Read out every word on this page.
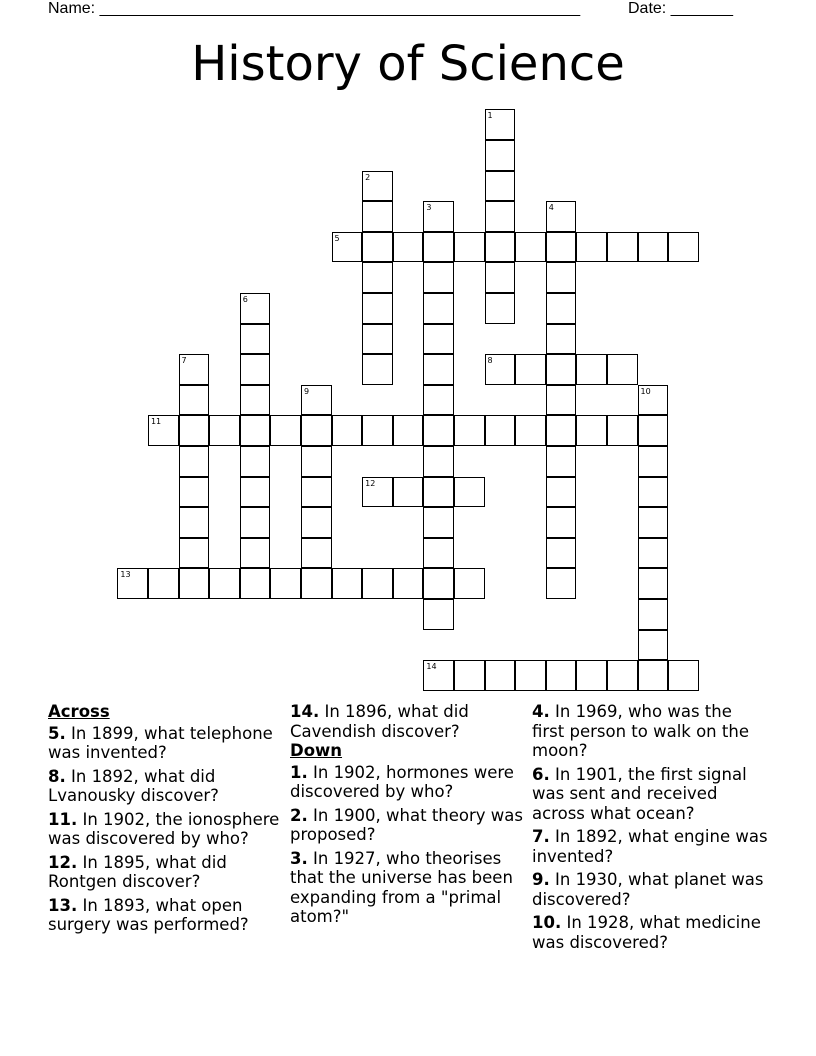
Name: ______________________________________________________	Date: _______
History of Science
1
2
3	4
5
6
7	8
9	10
11
12
13
14
Across
5. In 1899, what telephone was invented?
8. In 1892, what did Lvanousky discover?
11. In 1902, the ionosphere was discovered by who?
12. In 1895, what did Rontgen discover?
13. In 1893, what open surgery was performed?
14. In 1896, what did Cavendish discover?
Down
1. In 1902, hormones were discovered by who?
2. In 1900, what theory was proposed?
3. In 1927, who theorises that the universe has been expanding from a "primal atom?"
4. In 1969, who was the first person to walk on the moon?
6. In 1901, the first signal was sent and received across what ocean?
7. In 1892, what engine was invented?
9. In 1930, what planet was discovered?
10. In 1928, what medicine was discovered?
